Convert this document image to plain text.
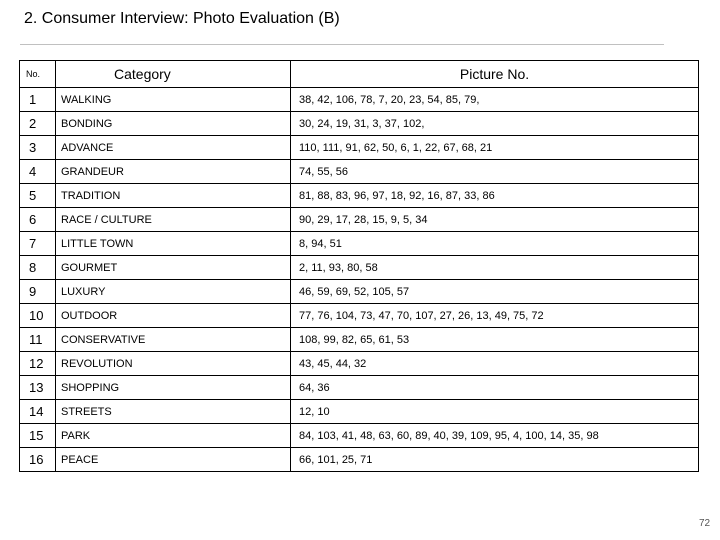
2. Consumer Interview: Photo Evaluation (B)
No.	Category	Picture No.
1	WALKING	38, 42, 106, 78, 7, 20, 23, 54, 85, 79,
2	BONDING	30, 24, 19, 31, 3, 37, 102,
3	ADVANCE	110, 111, 91, 62, 50, 6, 1, 22, 67, 68, 21
4	GRANDEUR	74, 55, 56
5	TRADITION	81, 88, 83, 96, 97, 18, 92, 16, 87, 33, 86
6	RACE / CULTURE	90, 29, 17, 28, 15, 9, 5, 34
7	LITTLE TOWN	8, 94, 51
8	GOURMET	2, 11, 93, 80, 58
9	LUXURY	46, 59, 69, 52, 105, 57
10	OUTDOOR	77, 76, 104, 73, 47, 70, 107, 27, 26, 13, 49, 75, 72
11	CONSERVATIVE	108, 99, 82, 65, 61, 53
12	REVOLUTION	43, 45, 44, 32
13	SHOPPING	64, 36
14	STREETS	12, 10
15	PARK	84, 103, 41, 48, 63, 60, 89, 40, 39, 109, 95, 4, 100, 14, 35, 98
16	PEACE	66, 101, 25, 71
72
